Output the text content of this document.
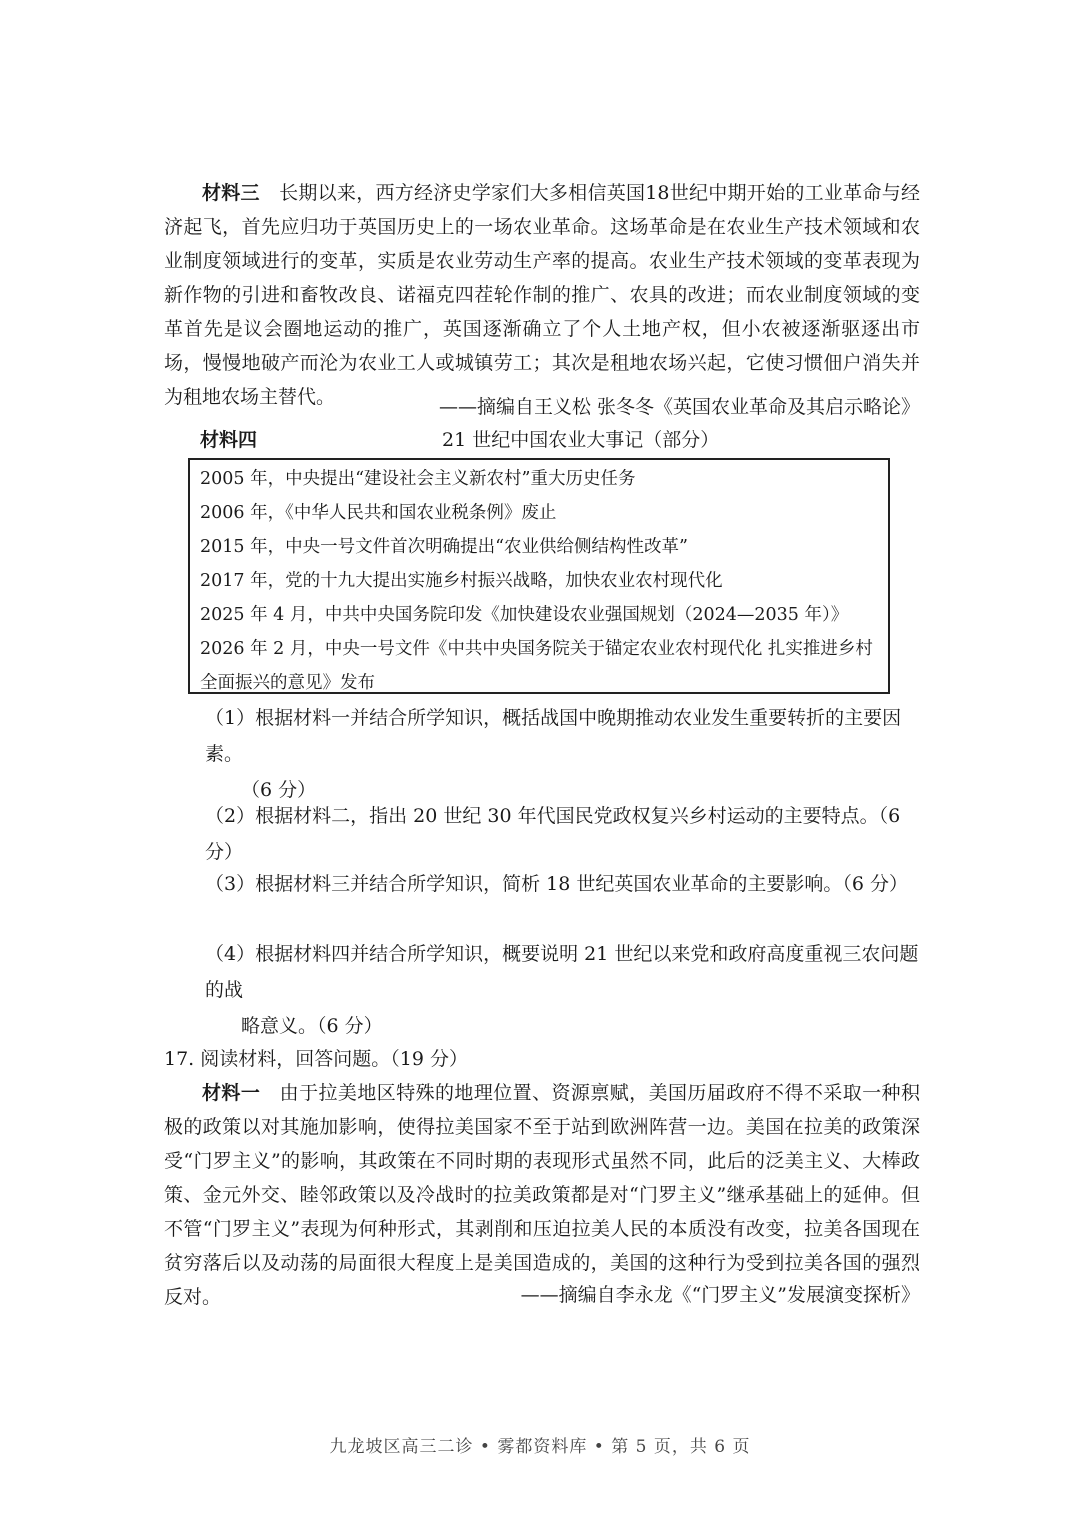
材料三　 长期以来，西方经济史学家们大多相信英国18世纪中期开始的工业革命与经济起飞，首先应归功于英国历史上的一场农业革命。这场革命是在农业生产技术领域和农业制度领域进行的变革，实质是农业劳动生产率的提高。农业生产技术领域的变革表现为新作物的引进和畜牧改良、诺福克四茬轮作制的推广、农具的改进；而农业制度领域的变革首先是议会圈地运动的推广，英国逐渐确立了个人土地产权，但小农被逐渐驱逐出市场，慢慢地破产而沦为农业工人或城镇劳工；其次是租地农场兴起，它使习惯佃户消失并为租地农场主替代。	——摘编自王义松 张冬冬《英国农业革命及其启示略论》

材料四	21 世纪中国农业大事记（部分）
2005 年，中央提出“建设社会主义新农村”重大历史任务
2006 年，《中华人民共和国农业税条例》废止
2015 年，中央一号文件首次明确提出“农业供给侧结构性改革”
2017 年，党的十九大提出实施乡村振兴战略，加快农业农村现代化
2025 年 4 月，中共中央国务院印发《加快建设农业强国规划（2024—2035 年）》
2026 年 2 月，中央一号文件《中共中央国务院关于锚定农业农村现代化 扎实推进乡村全面振兴的意见》发布

（1）根据材料一并结合所学知识，概括战国中晚期推动农业发生重要转折的主要因素。
（6 分）

（2）根据材料二，指出 20 世纪 30 年代国民党政权复兴乡村运动的主要特点。（6 分）

（3）根据材料三并结合所学知识，简析 18 世纪英国农业革命的主要影响。（6 分）

（4）根据材料四并结合所学知识，概要说明 21 世纪以来党和政府高度重视三农问题的战
略意义。（6 分）

17. 阅读材料，回答问题。（19 分）

材料一　 由于拉美地区特殊的地理位置、资源禀赋，美国历届政府不得不采取一种积极的政策以对其施加影响，使得拉美国家不至于站到欧洲阵营一边。美国在拉美的政策深受“门罗主义”的影响，其政策在不同时期的表现形式虽然不同，此后的泛美主义、大棒政策、金元外交、睦邻政策以及冷战时的拉美政策都是对“门罗主义”继承基础上的延伸。但不管“门罗主义”表现为何种形式，其剥削和压迫拉美人民的本质没有改变，拉美各国现在贫穷落后以及动荡的局面很大程度上是美国造成的，美国的这种行为受到拉美各国的强烈反对。	——摘编自李永龙《“门罗主义”发展演变探析》

九龙坡区高三二诊 • 雾都资料库 • 第 5 页，共 6 页
